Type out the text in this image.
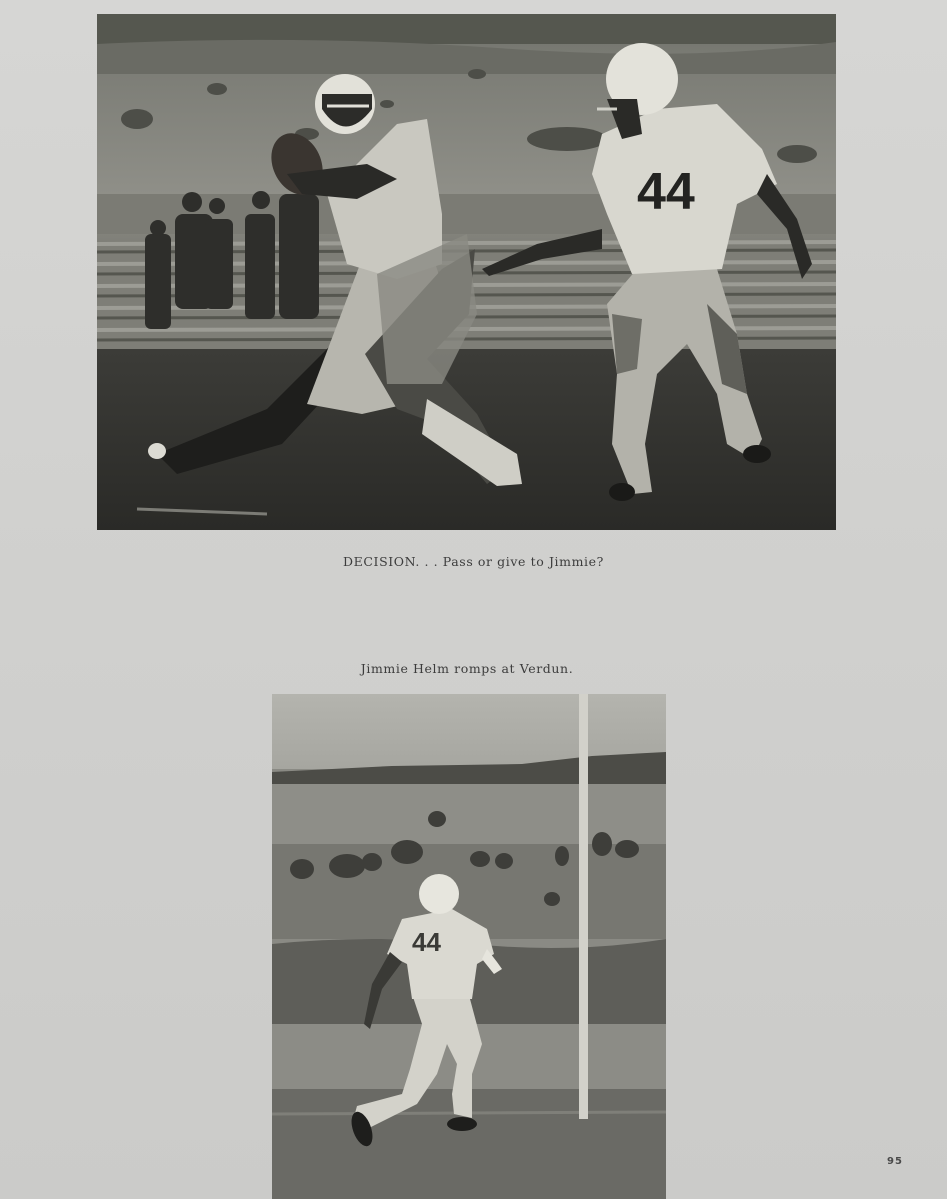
44
DECISION. . . Pass or give to Jimmie?
Jimmie Helm romps at Verdun.
44
95
